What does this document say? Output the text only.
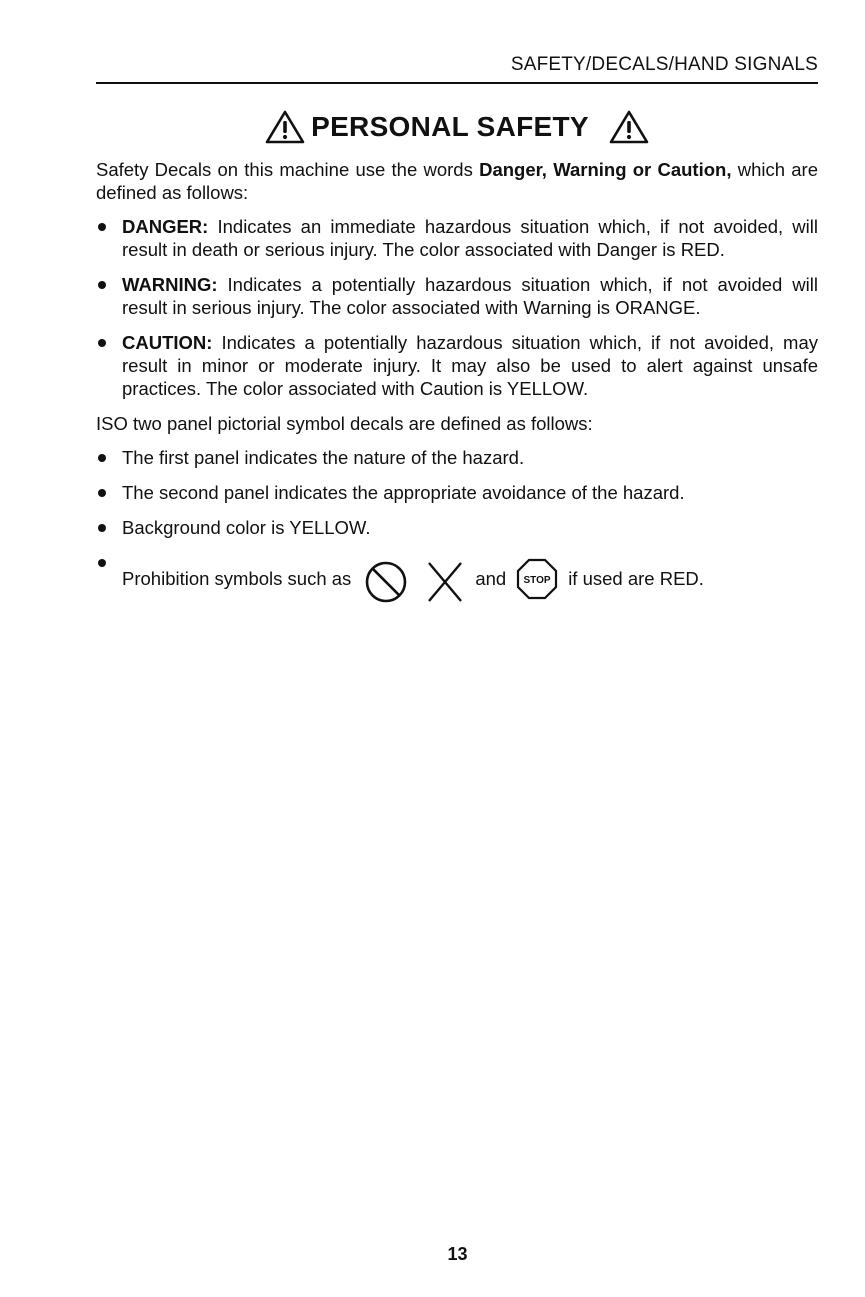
SAFETY/DECALS/HAND SIGNALS
PERSONAL SAFETY

Safety Decals on this machine use the words Danger, Warning or Caution, which are defined as follows:

DANGER: Indicates an immediate hazardous situation which, if not avoided, will result in death or serious injury. The color associated with Danger is RED.
WARNING: Indicates a potentially hazardous situation which, if not avoided will result in serious injury. The color associated with Warning is ORANGE.
CAUTION: Indicates a potentially hazardous situation which, if not avoided, may result in minor or moderate injury. It may also be used to alert against unsafe practices. The color associated with Caution is YELLOW.

ISO two panel pictorial symbol decals are defined as follows:

The first panel indicates the nature of the hazard.
The second panel indicates the appropriate avoidance of the hazard.
Background color is YELLOW.
Prohibition symbols such as	and STOP if used are RED.
13
